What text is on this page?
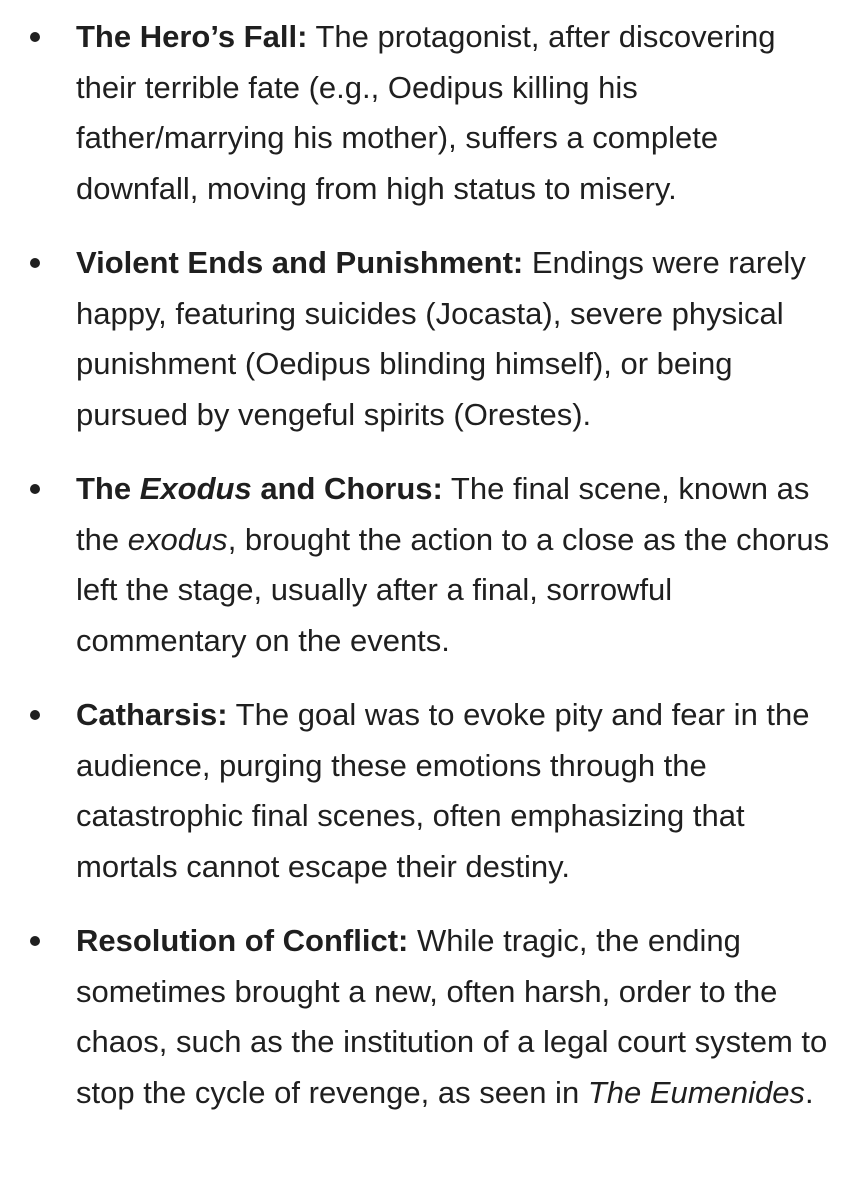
The Hero’s Fall: The protagonist, after discovering their terrible fate (e.g., Oedipus killing his father/marrying his mother), suffers a complete downfall, moving from high status to misery.
Violent Ends and Punishment: Endings were rarely happy, featuring suicides (Jocasta), severe physical punishment (Oedipus blinding himself), or being pursued by vengeful spirits (Orestes).
The Exodus and Chorus: The final scene, known as the exodus, brought the action to a close as the chorus left the stage, usually after a final, sorrowful commentary on the events.
Catharsis: The goal was to evoke pity and fear in the audience, purging these emotions through the catastrophic final scenes, often emphasizing that mortals cannot escape their destiny.
Resolution of Conflict: While tragic, the ending sometimes brought a new, often harsh, order to the chaos, such as the institution of a legal court system to stop the cycle of revenge, as seen in The Eumenides.
